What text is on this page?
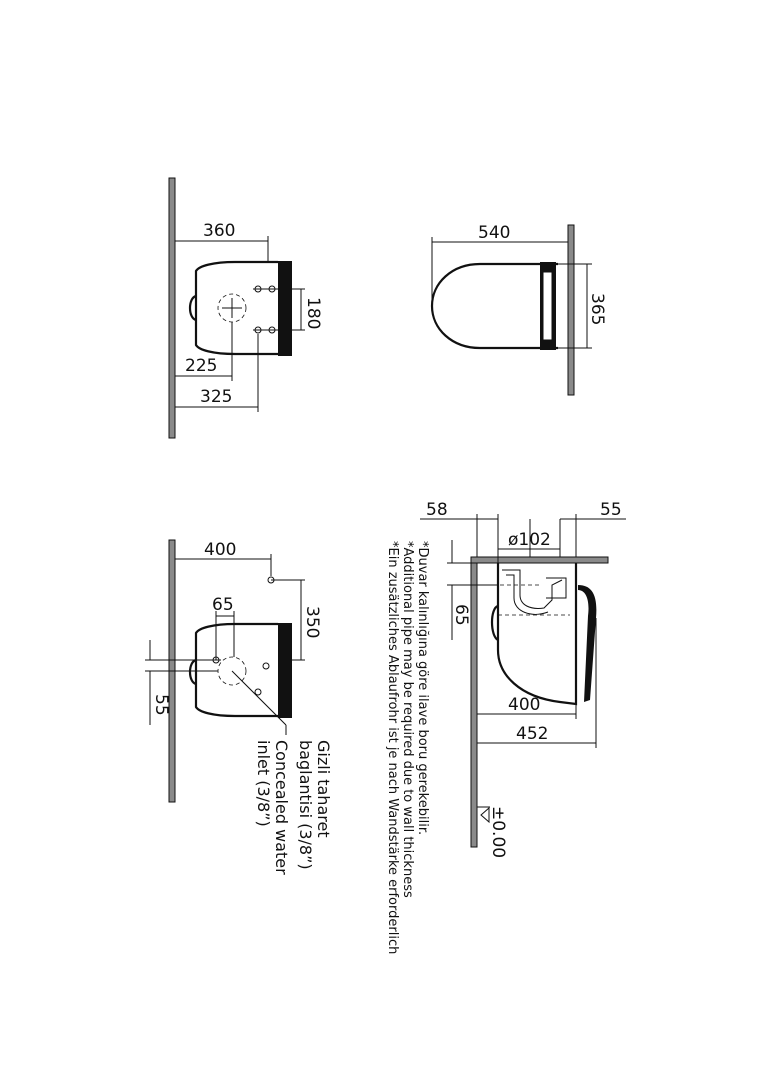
360
180
225
325
540
365
400
65
350
55
Gizli taharet
baglantisi (3/8”)
Concealed water
inlet (3/8”)
58
ø102
55
65
400
452
±0.00
*Duvar kalınlığına göre ilave boru gerekebilir.
*Additional pipe may be required due to wall thickness
*Ein zusätzliches Ablaufrohr ist je nach Wandstärke erforderlich
